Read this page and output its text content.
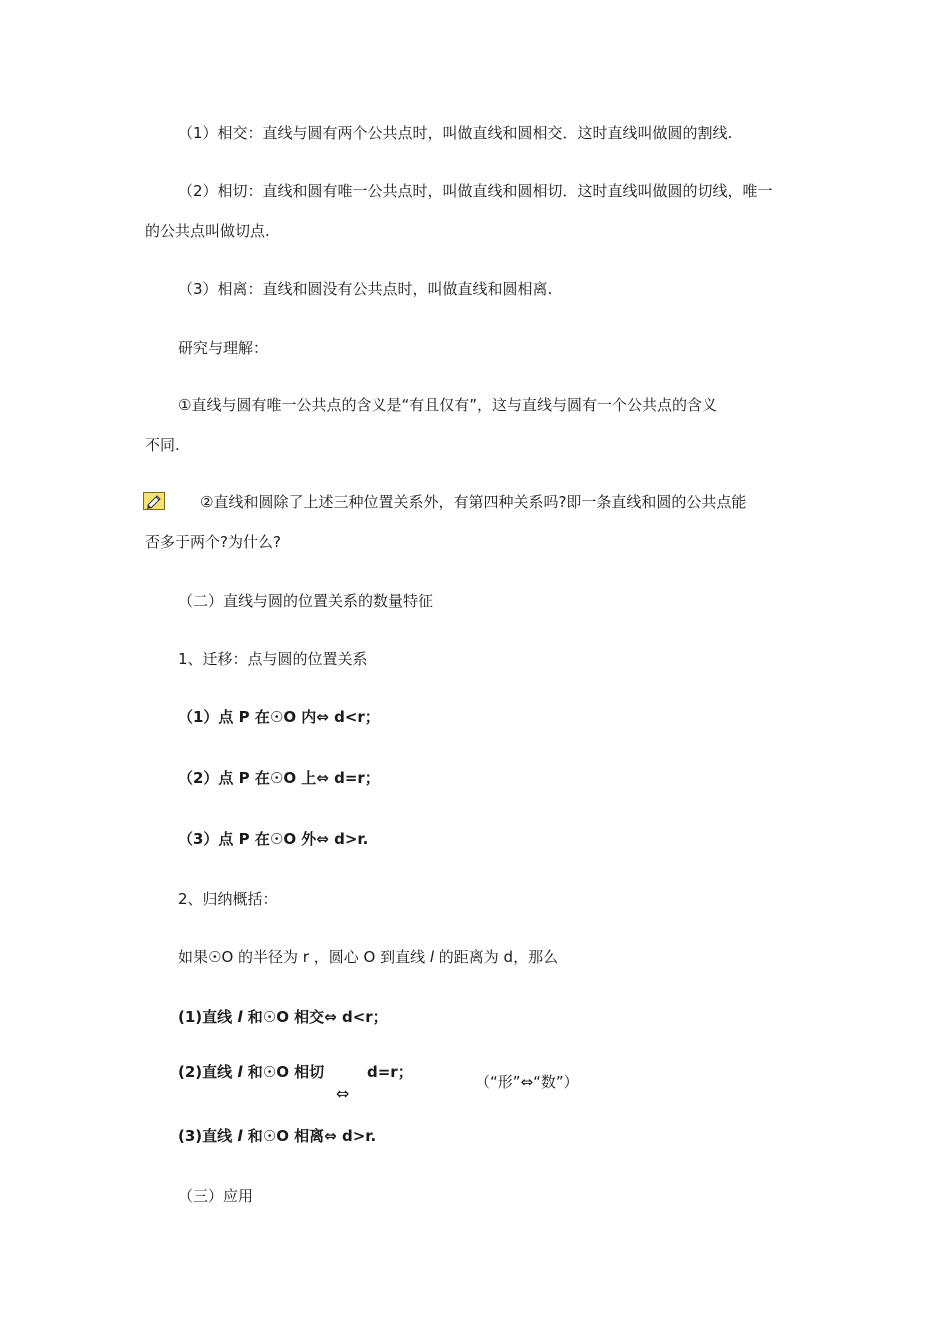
（1）相交：直线与圆有两个公共点时，叫做直线和圆相交．这时直线叫做圆的割线.
（2）相切：直线和圆有唯一公共点时，叫做直线和圆相切．这时直线叫做圆的切线，唯一
的公共点叫做切点.
（3）相离：直线和圆没有公共点时，叫做直线和圆相离.
研究与理解：
①直线与圆有唯一公共点的含义是“有且仅有”，这与直线与圆有一个公共点的含义
不同.
②直线和圆除了上述三种位置关系外，有第四种关系吗?即一条直线和圆的公共点能
否多于两个?为什么?
（二）直线与圆的位置关系的数量特征
1、迁移：点与圆的位置关系
（1）点 P 在☉O 内⇔ d<r；
（2）点 P 在☉O 上⇔ d=r；
（3）点 P 在☉O 外⇔ d>r.
2、归纳概括：
如果☉O 的半径为 r ，圆心 O 到直线 l 的距离为 d，那么
(1)直线 l 和☉O 相交⇔ d<r；
(2)直线 l 和☉O 相切	d=r；
⇔
（“形”⇔“数”）
(3)直线 l 和☉O 相离⇔ d>r.
（三）应用
